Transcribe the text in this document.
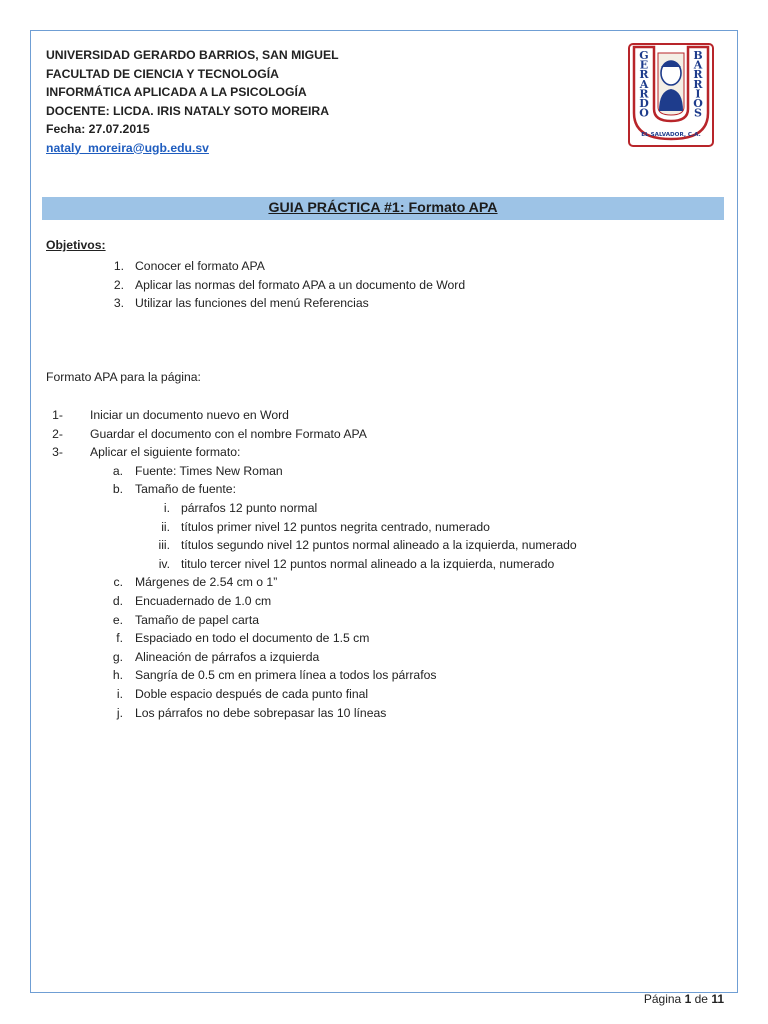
UNIVERSIDAD GERARDO BARRIOS, SAN MIGUEL
FACULTAD DE CIENCIA Y TECNOLOGÍA
INFORMÁTICA APLICADA A LA PSICOLOGÍA
DOCENTE: LICDA. IRIS NATALY SOTO MOREIRA
Fecha: 27.07.2015
nataly_moreira@ugb.edu.sv
G
E
R
A
R
D
O
B
A
R
R
I
O
S
EL SALVADOR, C.A.
GUIA PRÁCTICA #1: Formato APA
Objetivos:
1. Conocer el formato APA
2. Aplicar las normas del formato APA a un documento de Word
3. Utilizar las funciones del menú Referencias
Formato APA para la página:
1- Iniciar un documento nuevo en Word
2- Guardar el documento con el nombre Formato APA
3- Aplicar el siguiente formato:
a. Fuente: Times New Roman
b. Tamaño de fuente:
i. párrafos 12 punto normal
ii. títulos primer nivel 12 puntos negrita centrado, numerado
iii. títulos segundo nivel 12 puntos normal alineado a la izquierda, numerado
iv. titulo tercer nivel 12 puntos normal alineado a la izquierda, numerado
c. Márgenes de 2.54 cm o 1”
d. Encuadernado de 1.0 cm
e. Tamaño de papel carta
f. Espaciado en todo el documento de 1.5 cm
g. Alineación de párrafos a izquierda
h. Sangría de 0.5 cm en primera línea a todos los párrafos
i. Doble espacio después de cada punto final
j. Los párrafos no debe sobrepasar las 10 líneas
Página 1 de 11
